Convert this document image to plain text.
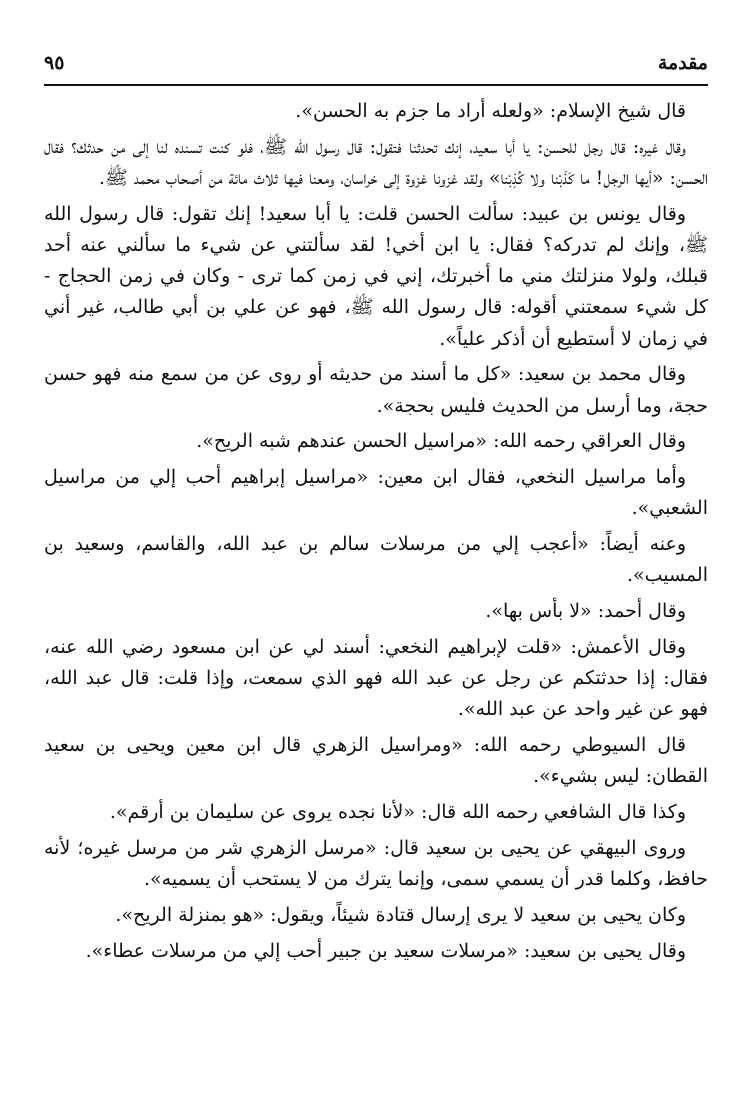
مقدمة
٩٥

قال شيخ الإسلام: «ولعله أراد ما جزم به الحسن».

وقال غيره: قال رجل للحسن: يا أبا سعيد، إنك تحدثنا فتقول: قال رسول الله ﷺ، فلو كنت تسنده لنا إلى من حدثك؟ فقال الحسن: «أيها الرجل! ما كَذَبْنا ولا كُذِبْنا» ولقد غزونا غزوة إلى خراسان، ومعنا فيها ثلاث مائة من أصحاب محمد ﷺ.

وقال يونس بن عبيد: سألت الحسن قلت: يا أبا سعيد! إنك تقول: قال رسول الله ﷺ، وإنك لم تدركه؟ فقال: يا ابن أخي! لقد سألتني عن شيء ما سألني عنه أحد قبلك، ولولا منزلتك مني ما أخبرتك، إني في زمن كما ترى - وكان في زمن الحجاج - كل شيء سمعتني أقوله: قال رسول الله ﷺ، فهو عن علي بن أبي طالب، غير أني في زمان لا أستطيع أن أذكر علياً».

وقال محمد بن سعيد: «كل ما أسند من حديثه أو روى عن من سمع منه فهو حسن حجة، وما أرسل من الحديث فليس بحجة».

وقال العراقي رحمه الله: «مراسيل الحسن عندهم شبه الريح».

وأما مراسيل النخعي، فقال ابن معين: «مراسيل إبراهيم أحب إلي من مراسيل الشعبي».

وعنه أيضاً: «أعجب إلي من مرسلات سالم بن عبد الله، والقاسم، وسعيد بن المسيب».

وقال أحمد: «لا بأس بها».

وقال الأعمش: «قلت لإبراهيم النخعي: أسند لي عن ابن مسعود رضي الله عنه، فقال: إذا حدثتكم عن رجل عن عبد الله فهو الذي سمعت، وإذا قلت: قال عبد الله، فهو عن غير واحد عن عبد الله».

قال السيوطي رحمه الله: «ومراسيل الزهري قال ابن معين ويحيى بن سعيد القطان: ليس بشيء».

وكذا قال الشافعي رحمه الله قال: «لأنا نجده يروى عن سليمان بن أرقم».

وروى البيهقي عن يحيى بن سعيد قال: «مرسل الزهري شر من مرسل غيره؛ لأنه حافظ، وكلما قدر أن يسمي سمى، وإنما يترك من لا يستحب أن يسميه».

وكان يحيى بن سعيد لا يرى إرسال قتادة شيئاً، ويقول: «هو بمنزلة الريح».

وقال يحيى بن سعيد: «مرسلات سعيد بن جبير أحب إلي من مرسلات عطاء».
